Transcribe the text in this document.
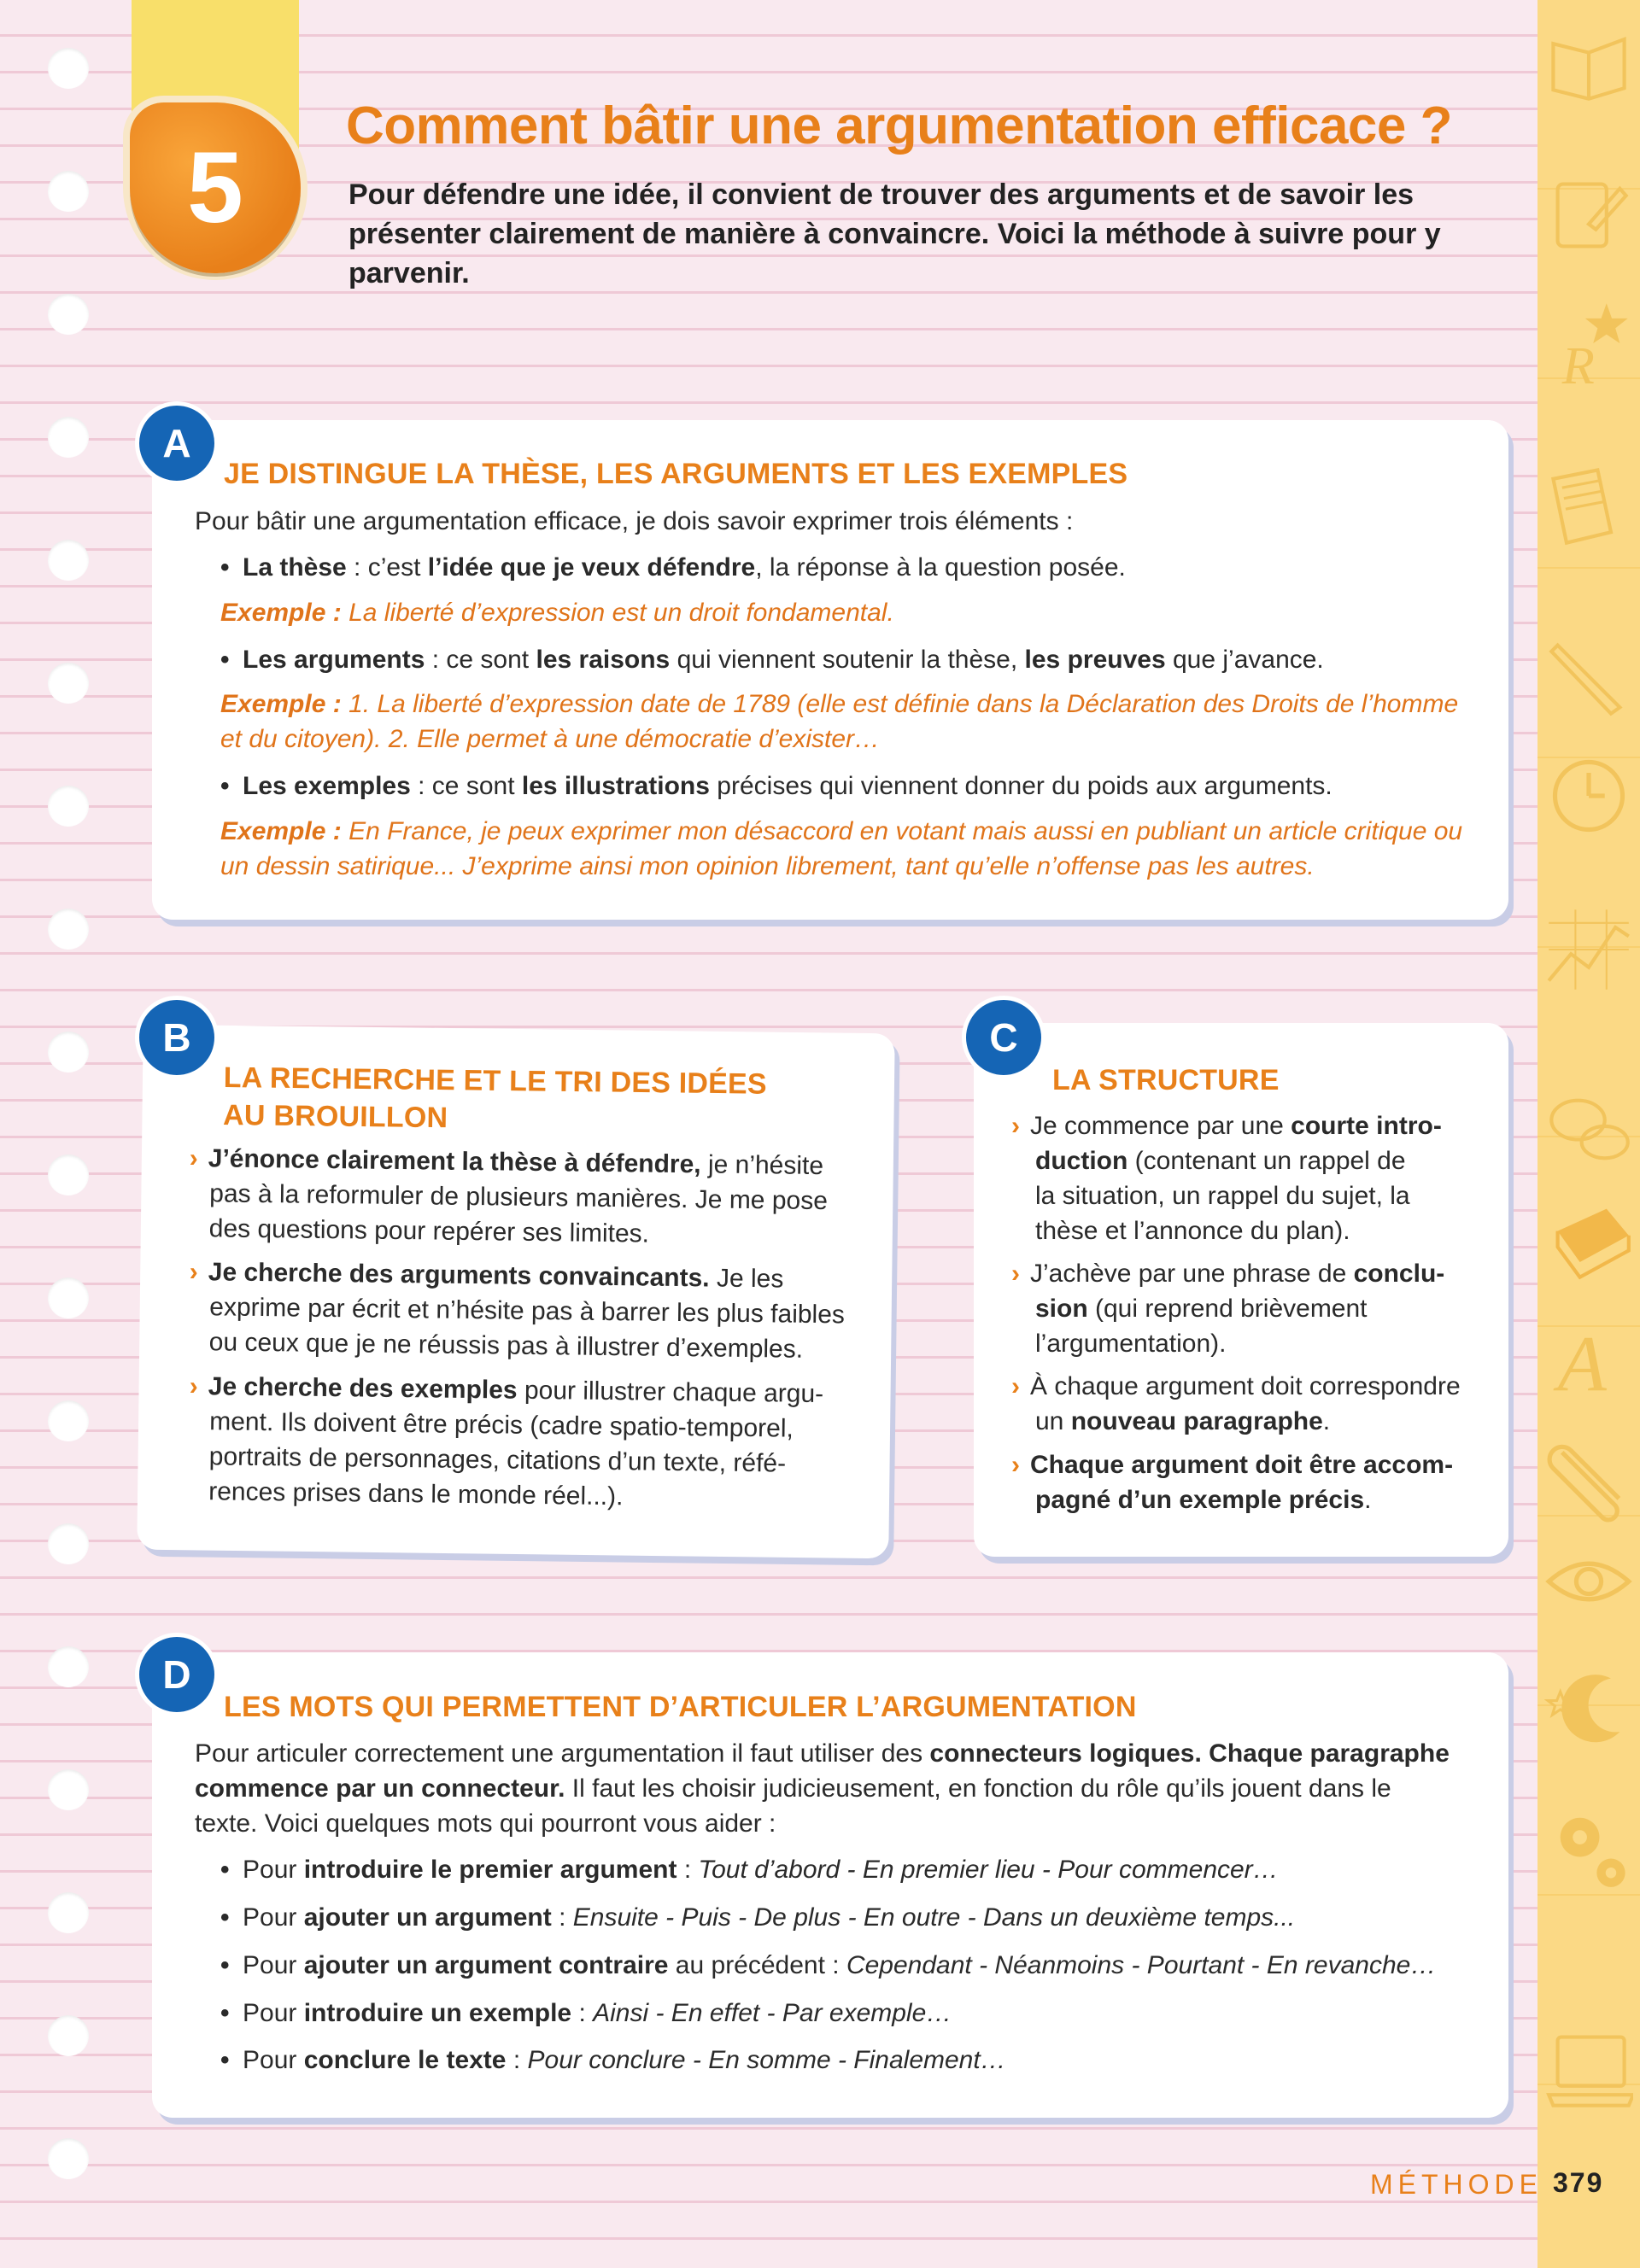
R
A
5
Comment bâtir une argumentation efficace ?

Pour défendre une idée, il convient de trouver des arguments et de savoir les présenter clairement de manière à convaincre. Voici la méthode à suivre pour y parvenir.

A
JE DISTINGUE LA THÈSE, LES ARGUMENTS ET LES EXEMPLES

Pour bâtir une argumentation efficace, je dois savoir exprimer trois éléments :

• La thèse : c’est l’idée que je veux défendre, la réponse à la question posée.

Exemple : La liberté d’expression est un droit fondamental.

• Les arguments : ce sont les raisons qui viennent soutenir la thèse, les preuves que j’avance.

Exemple : 1. La liberté d’expression date de 1789 (elle est définie dans la Déclaration des Droits de l’homme
et du citoyen). 2. Elle permet à une démocratie d’exister…

• Les exemples : ce sont les illustrations précises qui viennent donner du poids aux arguments.

Exemple : En France, je peux exprimer mon désaccord en votant mais aussi en publiant un article critique ou
un dessin satirique... J’exprime ainsi mon opinion librement, tant qu’elle n’offense pas les autres.

B
LA RECHERCHE ET LE TRI DES IDÉES
AU BROUILLON
› J’énonce clairement la thèse à défendre, je n’hésite
pas à la reformuler de plusieurs manières. Je me pose
des questions pour repérer ses limites.
› Je cherche des arguments convaincants. Je les
exprime par écrit et n’hésite pas à barrer les plus faibles
ou ceux que je ne réussis pas à illustrer d’exemples.
› Je cherche des exemples pour illustrer chaque argu-
ment. Ils doivent être précis (cadre spatio-temporel,
portraits de personnages, citations d’un texte, réfé-
rences prises dans le monde réel...).
C
LA STRUCTURE
› Je commence par une courte intro-
duction (contenant un rappel de
la situation, un rappel du sujet, la
thèse et l’annonce du plan).
› J’achève par une phrase de conclu-
sion (qui reprend brièvement
l’argumentation).
› À chaque argument doit correspondre
un nouveau paragraphe.
› Chaque argument doit être accom-
pagné d’un exemple précis.
D
LES MOTS QUI PERMETTENT D’ARTICULER L’ARGUMENTATION

Pour articuler correctement une argumentation il faut utiliser des connecteurs logiques. Chaque paragraphe
commence par un connecteur. Il faut les choisir judicieusement, en fonction du rôle qu’ils jouent dans le
texte. Voici quelques mots qui pourront vous aider :

• Pour introduire le premier argument : Tout d’abord - En premier lieu - Pour commencer…

• Pour ajouter un argument : Ensuite - Puis - De plus - En outre - Dans un deuxième temps...

• Pour ajouter un argument contraire au précédent : Cependant - Néanmoins - Pourtant - En revanche…

• Pour introduire un exemple : Ainsi - En effet - Par exemple…

• Pour conclure le texte : Pour conclure - En somme - Finalement…

MÉTHODE 379
